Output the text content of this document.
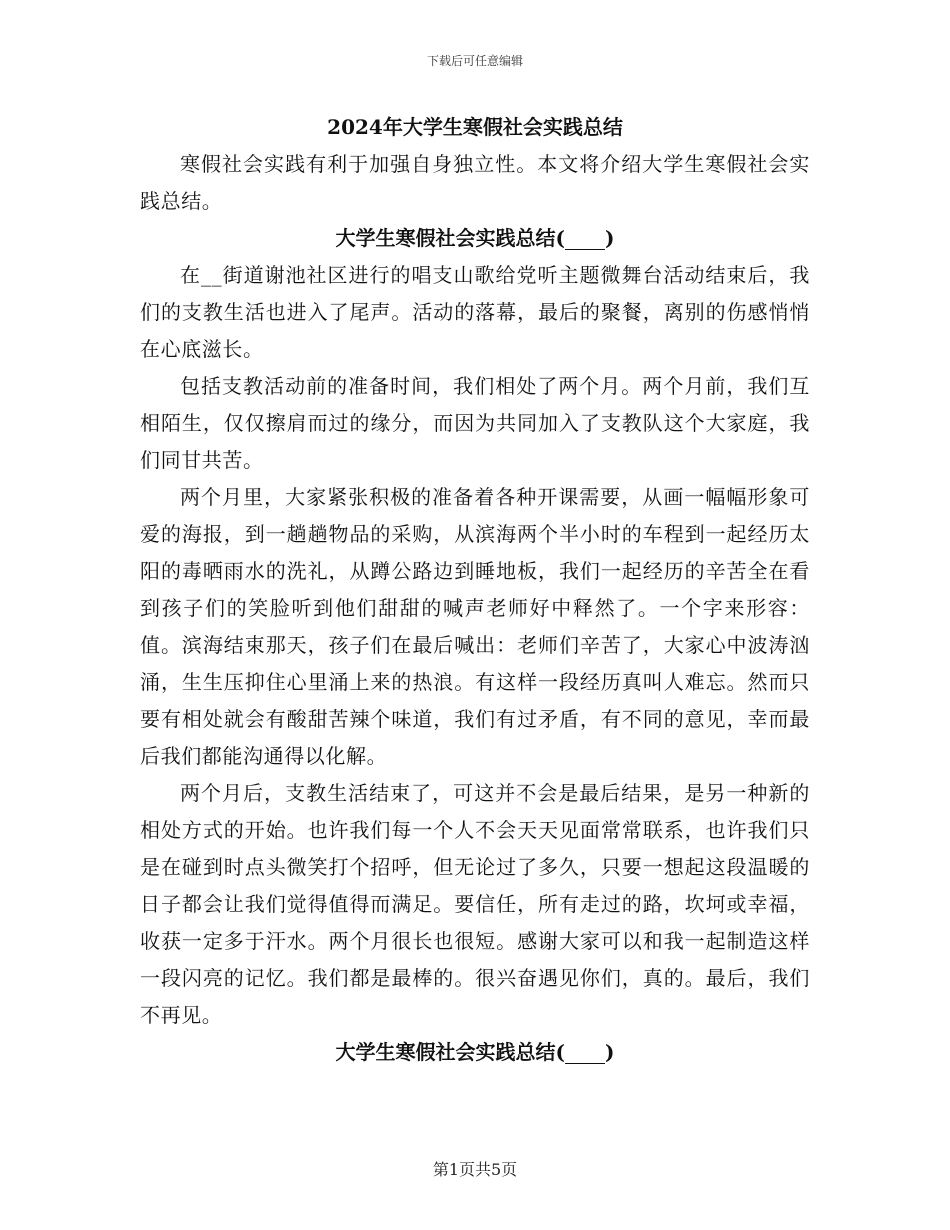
下载后可任意编辑
2024年大学生寒假社会实践总结

寒假社会实践有利于加强自身独立性。本文将介绍大学生寒假社会实践总结。

大学生寒假社会实践总结( )

在__街道谢池社区进行的唱支山歌给党听主题微舞台活动结束后，我们的支教生活也进入了尾声。活动的落幕，最后的聚餐，离别的伤感悄悄在心底滋长。

包括支教活动前的准备时间，我们相处了两个月。两个月前，我们互相陌生，仅仅擦肩而过的缘分，而因为共同加入了支教队这个大家庭，我们同甘共苦。

两个月里，大家紧张积极的准备着各种开课需要，从画一幅幅形象可爱的海报，到一趟趟物品的采购，从滨海两个半小时的车程到一起经历太阳的毒晒雨水的洗礼，从蹲公路边到睡地板，我们一起经历的辛苦全在看到孩子们的笑脸听到他们甜甜的喊声老师好中释然了。一个字来形容：值。滨海结束那天，孩子们在最后喊出：老师们辛苦了，大家心中波涛汹涌，生生压抑住心里涌上来的热浪。有这样一段经历真叫人难忘。然而只要有相处就会有酸甜苦辣个味道，我们有过矛盾，有不同的意见，幸而最后我们都能沟通得以化解。

两个月后，支教生活结束了，可这并不会是最后结果，是另一种新的相处方式的开始。也许我们每一个人不会天天见面常常联系，也许我们只是在碰到时点头微笑打个招呼，但无论过了多久，只要一想起这段温暖的日子都会让我们觉得值得而满足。要信任，所有走过的路，坎坷或幸福，收获一定多于汗水。两个月很长也很短。感谢大家可以和我一起制造这样一段闪亮的记忆。我们都是最棒的。很兴奋遇见你们，真的。最后，我们不再见。

大学生寒假社会实践总结( )
第1页共5页
